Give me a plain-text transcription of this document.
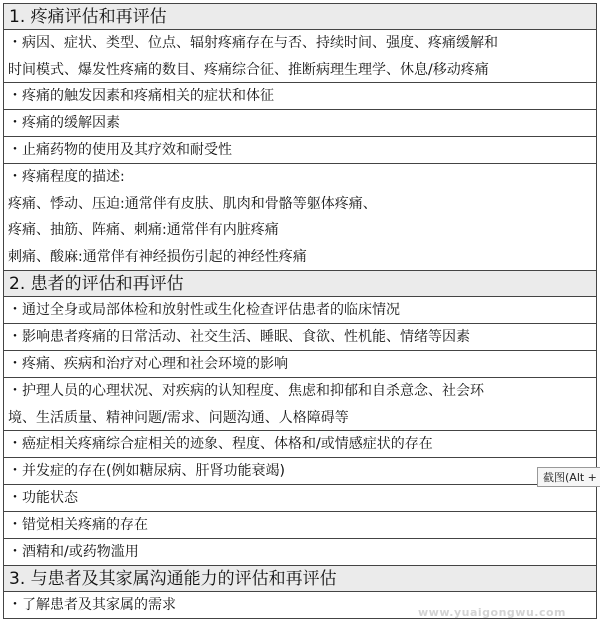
1. 疼痛评估和再评估
・病因、症状、类型、位点、辐射疼痛存在与否、持续时间、强度、疼痛缓解和
时间模式、爆发性疼痛的数目、疼痛综合征、推断病理生理学、休息/移动疼痛
・疼痛的触发因素和疼痛相关的症状和体征
・疼痛的缓解因素
・止痛药物的使用及其疗效和耐受性
・疼痛程度的描述:
疼痛、悸动、压迫:通常伴有皮肤、肌肉和骨骼等躯体疼痛、
疼痛、抽筋、阵痛、刺痛:通常伴有内脏疼痛
刺痛、酸麻:通常伴有神经损伤引起的神经性疼痛
2. 患者的评估和再评估
・通过全身或局部体检和放射性或生化检查评估患者的临床情况
・影响患者疼痛的日常活动、社交生活、睡眠、食欲、性机能、情绪等因素
・疼痛、疾病和治疗对心理和社会环境的影响
・护理人员的心理状况、对疾病的认知程度、焦虑和抑郁和自杀意念、社会环
境、生活质量、精神问题/需求、问题沟通、人格障碍等
・癌症相关疼痛综合症相关的迹象、程度、体格和/或情感症状的存在
・并发症的存在(例如糖尿病、肝肾功能衰竭)
・功能状态
・错觉相关疼痛的存在
・酒精和/或药物滥用
3. 与患者及其家属沟通能力的评估和再评估
・了解患者及其家属的需求
截图(Alt +
www.yuaigongwu.com
